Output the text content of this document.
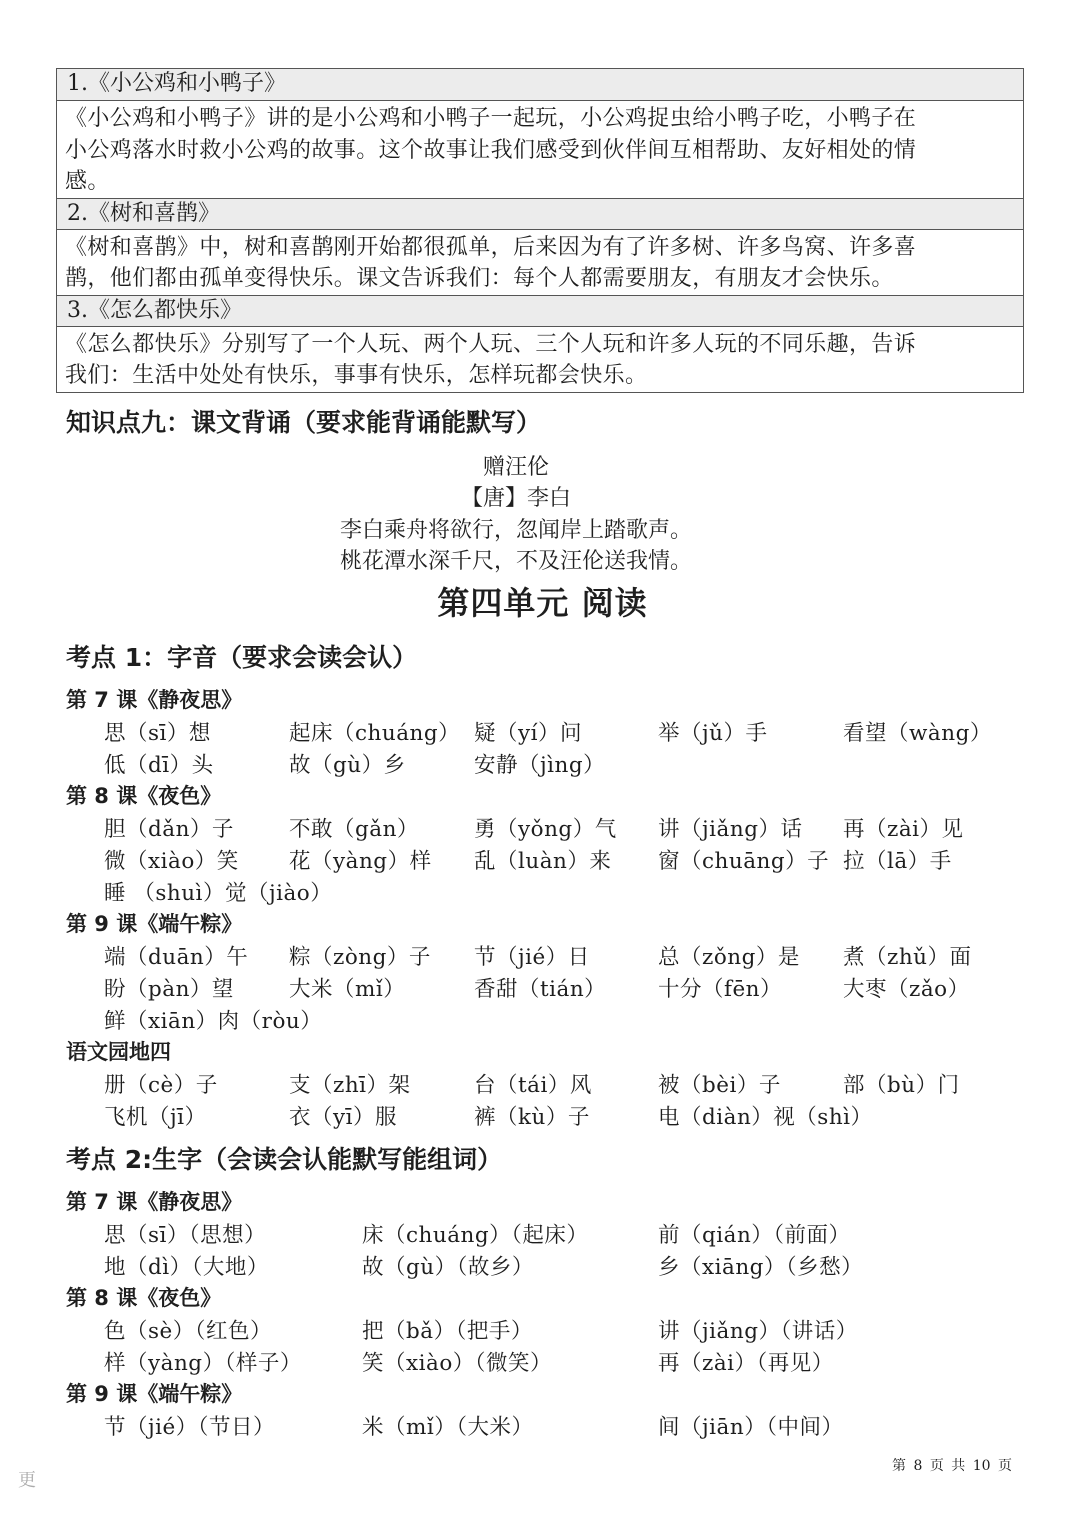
1.《小公鸡和小鸭子》
《小公鸡和小鸭子》讲的是小公鸡和小鸭子一起玩，小公鸡捉虫给小鸭子吃，小鸭子在
小公鸡落水时救小公鸡的故事。这个故事让我们感受到伙伴间互相帮助、友好相处的情
感。
2.《树和喜鹊》
《树和喜鹊》中，树和喜鹊刚开始都很孤单，后来因为有了许多树、许多鸟窝、许多喜
鹊，他们都由孤单变得快乐。课文告诉我们：每个人都需要朋友，有朋友才会快乐。
3.《怎么都快乐》
《怎么都快乐》分别写了一个人玩、两个人玩、三个人玩和许多人玩的不同乐趣，告诉
我们：生活中处处有快乐，事事有快乐，怎样玩都会快乐。
知识点九：课文背诵（要求能背诵能默写）
赠汪伦
【唐】李白
李白乘舟将欲行，忽闻岸上踏歌声。
桃花潭水深千尺，不及汪伦送我情。
第四单元 阅读
考点 1：字音（要求会读会认）
第 7 课《静夜思》
思（sī）想	起床（chuáng） 疑（yí）问	举（jǔ）手	看望（wàng）
低（dī）头	故（gù）乡	安静（jìng）
第 8 课《夜色》
胆（dǎn）子	不敢（gǎn）	勇（yǒng）气 讲（jiǎng）话 再（zài）见
微（xiào）笑 花（yàng）样 乱（luàn）来 窗（chuāng）子 拉（lā）手
睡 （shuì）觉（jiào）
第 9 课《端午粽》
端（duān）午 粽（zòng）子 节（jié）日	总（zǒng）是 煮（zhǔ）面
盼（pàn）望	大米（mǐ）	香甜（tián） 十分（fēn）	大枣（zǎo）
鲜（xiān）肉（ròu）
语文园地四
册（cè）子	支（zhī）架	台（tái）风	被（bèi）子	部（bù）门
飞机（jī）	衣（yī）服	裤（kù）子	电（diàn）视（shì）
考点 2:生字（会读会认能默写能组词）
第 7 课《静夜思》
思（sī）（思想）	床（chuáng）（起床）	前（qián）（前面）
地（dì）（大地）	故（gù）（故乡）	乡（xiāng）（乡愁）
第 8 课《夜色》
色（sè）（红色）	把（bǎ）（把手）	讲（jiǎng）（讲话）
样（yàng）（样子）	笑（xiào）（微笑）	再（zài）（再见）
第 9 课《端午粽》
节（jié）（节日）	米（mǐ）（大米）	间（jiān）（中间）
第 8 页 共 10 页
更
